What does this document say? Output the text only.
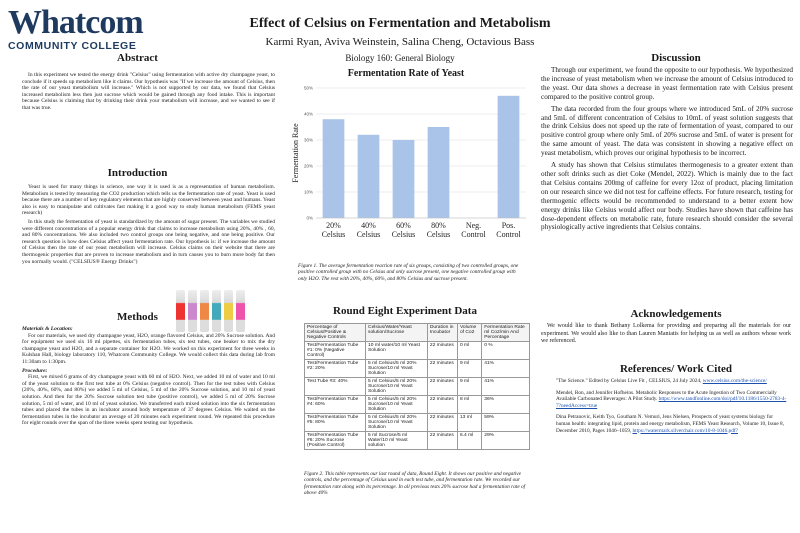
Whatcom
COMMUNITY COLLEGE
Effect of Celsius on Fermentation and Metabolism
Karmi Ryan, Aviva Weinstein, Salina Cheng, Octavious Bass
Biology 160: General Biology
Abstract

In this experiment we tested the energy drink "Celsius" using fermentation with active dry champagne yeast, to conclude if it speeds up metabolism like it claims. Our hypothesis was "If we increase the amount of Celsius, then the rate of our yeast metabolism will increase." Which is not supported by our data, we found that Celsius increased metabolism less then just sucrose which would be gained through any food intake. This is important because Celsius is claiming that by drinking their drink your metabolism will increase, and we wanted to see if that was true.

Introduction

Yeast is used for many things in science, one way it is used is as a representation of human metabolism. Metabolism is tested by measuring the CO2 production which tells us the fermentation rate of yeast. Yeast is used because there are a number of key regulatory elements that are highly conserved between yeast and humans. Yeast also is easy to manipulate and cultivates fast making it a good way to study human metabolism (FEMS yeast research)

In this study the fermentation of yeast is standardized by the amount of sugar present. The variables we studied were different concentrations of a popular energy drink that claims to increase metabolism using 20%, 40% , 60, and 80% concentrations. We also included two control groups one being negative, and one being positive. Our research question is how does Celsius affect yeast fermentation rate. Our hypothesis is: if we increase the amount of Celsius then the rate of our yeast metabolism will increase. Celsius claims on their website that there are thermogenic properties that are proven to increase metabolism and in turn causes you to burn more body fat then you normally would. ("CELSIUS® Energy Drinks")

Methods
Materials & Location:

For our materials, we used dry champagne yeast, H2O, orange flavored Celsius, and 20% Sucrose solution. And for equipment we used six 10 ml pipettes, six fermentation tubes, six test tubes, one beaker to mix the dry champagne yeast and H2O, and a separate container for H2O. We worked on this experiment for three weeks in Kulshan Hall, biology laboratory 110, Whatcom Community College. We would collect this data during lab from 11:30am to 1:30pm.

Procedure:

First, we mixed 6 grams of dry champagne yeast with 60 ml of H2O. Next, we added 10 ml of water and 10 ml of the yeast solution to the first test tube at 0% Celsius (negative control). Then for the test tubes with Celsius (20%, 40%, 60%, and 80%) we added 5 ml of Celsius, 5 ml of the 20% Sucrose solution, and 10 ml of yeast solution. And then for the 20% Sucrose solution test tube (positive control), we added 5 ml of 20% Sucrose solution, 5 ml of water, and 10 ml of yeast solution. We transferred each mixed solution into the six fermentation tubes and placed the tubes in an incubator around body temperature of 37 degrees Celsius. We waited on the fermentation tubes in the incubator an average of 20 minutes each experiment round. We repeated this procedure for eight rounds over the span of the three weeks spent testing our hypothesis.

Fermentation Rate of Yeast
0%
10%
20%
30%
40%
50%
Fermentation Rate
20% Celsius
40% Celsius
60% Celsius
80% Celsius
Neg. Control
Pos. Control
Figure 1. The average fermentation reaction rate of six groups, consisting of two controlled groups, one positive controlled group with no Celsius and only sucrose present, one negative controlled group with only H2O. The rest with 20%, 40%, 60%, and 80% Celsius and sucrose present.
Round Eight Experiment Data
Percentage of Celsius/Positive & Negative Controls	Celsius/Water/Yeast solution/Sucrose	Duration in Incubator	Volume of Co2	Fermentation Rate ml Co2/min And Percentage
Test/Fermentation Tube #1: 0% (Negative Control)	10 ml water/10 ml Yeast Solution	22 minutes	0 ml	0 %
Test/Fermentation Tube #2: 20%	5 ml Celsius/5 ml 20% Sucrose/10 ml Yeast Solution	22 minutes	9 ml	41%
Test Tube #3: 40%	5 ml Celsius/5 ml 20% Sucrose/10 ml Yeast Solution	22 minutes	9 ml	41%
Test/Fermentation Tube #4: 60%	5 ml Celsius/5 ml 20% Sucrose/10 ml Yeast Solution	22 minutes	8 ml	36%
Test/Fermentation Tube #5: 80%	5 ml Celsius/5 ml 20% Sucrose/10 ml Yeast Solution	22 minutes	13 ml	59%
Test/Fermentation Tube #6: 20% Sucrose (Positive Control)	5 ml Sucrose/5 ml Water/10 ml Yeast solution	22 minutes	6.4 ml	29%
Figure 2. This table represents our last round of data, Round Eight. It shows our positive and negative controls, and the percentage of Celsius used in each test tube, and fermentation rate. We recorded our fermentation rate along with its percentage. In all previous tests 20% sucrose had a fermentation rate of above 40%
Discussion

Through our experiment, we found the opposite to our hypothesis. We hypothesized the increase of yeast metabolism when we increase the amount of Celsius introduced to the yeast. Our data shows a decrease in yeast fermentation rate with Celsius present compared to the positive control group.

The data recorded from the four groups where we introduced 5mL of 20% sucrose and 5mL of different concentration of Celsius to 10mL of yeast solution suggests that the drink Celsius does not speed up the rate of fermentation of yeast, compared to our positive control group where only 5mL of 20% sucrose and 5mL of water is present for the same amount of yeast. The data was consistent in showing a negative effect on yeast metabolism, which proves our original hypothesis to be incorrect.

A study has shown that Celsius stimulates thermogenesis to a greater extent than other soft drinks such as diet Coke (Mendel, 2022). Which is mainly due to the fact that Celsius contains 200mg of caffeine for every 12oz of product, placing limitation on our research since we did not test for caffeine effects. For future research, testing for thermogenic effects would be recommended to understand to a better extent how energy drinks like Celsius would affect our body. Studies have shown that caffeine has dose-dependent effects on metabolic rate, future research should consider the several physiologically active ingredients that Celsius contains.

Acknowledgements

We would like to thank Bethany Lolkema for providing and preparing all the materials for our experiment. We would also like to than Lauren Maniatis for helping us as well as authors whose work we referenced.

References/ Work Cited

"The Science." Edited by Celsius Live Fit , CELSIUS, 24 July 2024, www.celsius.com/the-science/

Mendel, Ron, and Jennifer Hofheins. Metabolic Responses to the Acute Ingestion of Two Commercially Available Carbonated Beverages: A Pilot Study. https://www.tandfonline.com/doi/pdf/10.1186/1550-2783-4-7?needAccess=true

Dina Petranovic, Keith Tyo, Goutham N. Vemuri, Jens Nielsen, Prospects of yeast systems biology for human health: integrating lipid, protein and energy metabolism, FEMS Yeast Research, Volume 10, Issue 8, December 2010, Pages 1046–1059, https://watermark.silverchair.com/10-8-1046.pdf?
